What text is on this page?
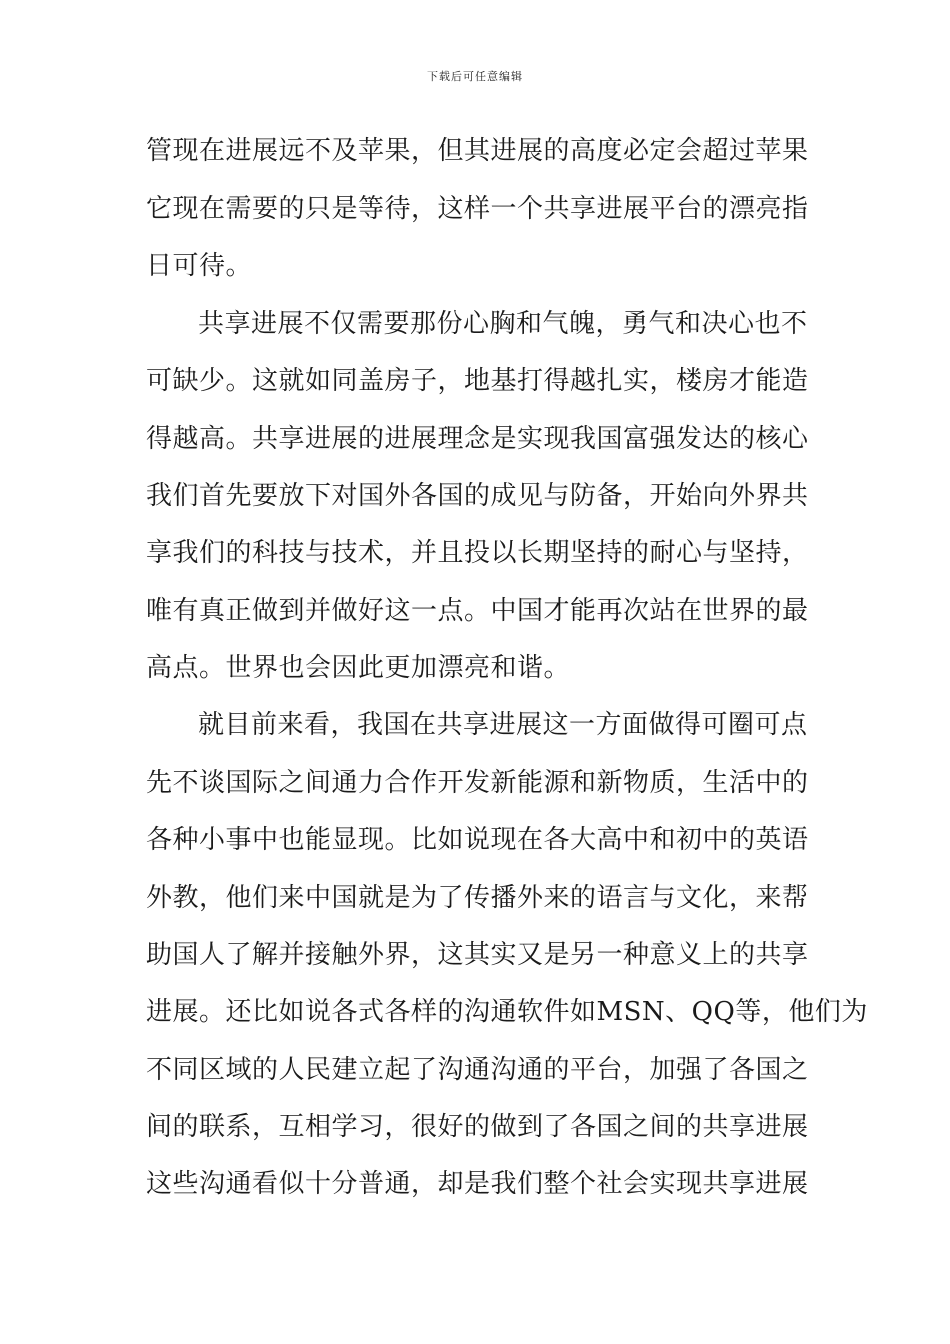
下载后可任意编辑
管现在进展远不及苹果，但其进展的高度必定会超过苹果
它现在需要的只是等待，这样一个共享进展平台的漂亮指
日可待。
共享进展不仅需要那份心胸和气魄，勇气和决心也不
可缺少。这就如同盖房子，地基打得越扎实，楼房才能造
得越高。共享进展的进展理念是实现我国富强发达的核心
我们首先要放下对国外各国的成见与防备，开始向外界共
享我们的科技与技术，并且投以长期坚持的耐心与坚持，
唯有真正做到并做好这一点。中国才能再次站在世界的最
高点。世界也会因此更加漂亮和谐。
就目前来看，我国在共享进展这一方面做得可圈可点
先不谈国际之间通力合作开发新能源和新物质，生活中的
各种小事中也能显现。比如说现在各大高中和初中的英语
外教，他们来中国就是为了传播外来的语言与文化，来帮
助国人了解并接触外界，这其实又是另一种意义上的共享
进展。还比如说各式各样的沟通软件如MSN、QQ等，他们为
不同区域的人民建立起了沟通沟通的平台，加强了各国之
间的联系，互相学习，很好的做到了各国之间的共享进展
这些沟通看似十分普通，却是我们整个社会实现共享进展
